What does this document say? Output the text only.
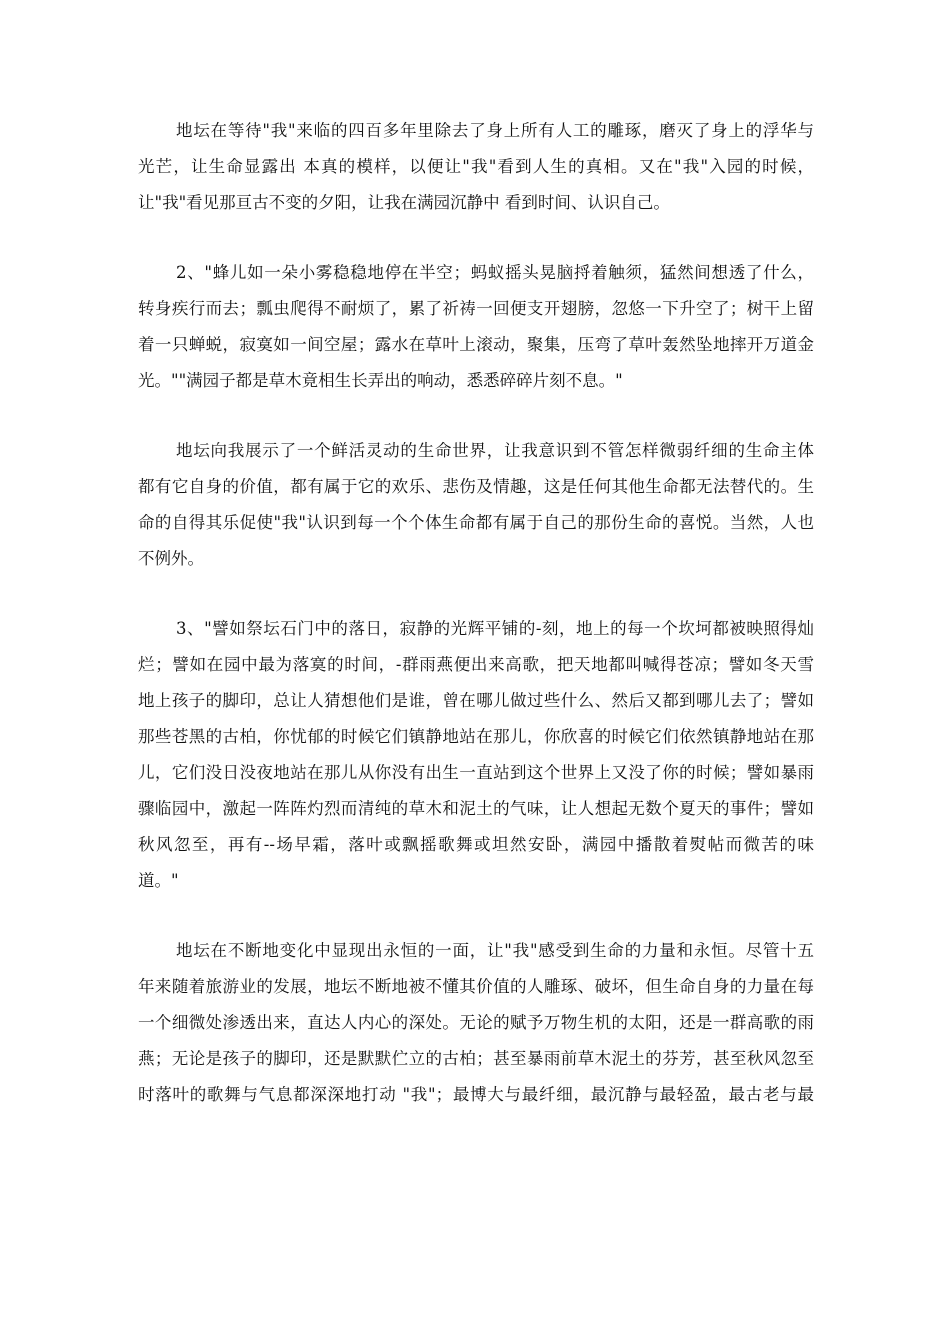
地坛在等待"我"来临的四百多年里除去了身上所有人工的雕琢，磨灭了身上的浮华与
光芒，让生命显露出 本真的模样，以便让"我"看到人生的真相。又在"我"入园的时候，
让"我"看见那亘古不变的夕阳，让我在满园沉静中 看到时间、认识自己。

2、"蜂儿如一朵小雾稳稳地停在半空；蚂蚁摇头晃脑捋着触须，猛然间想透了什么，
转身疾行而去；瓢虫爬得不耐烦了，累了祈祷一回便支开翅膀，忽悠一下升空了；树干上留
着一只蝉蜕，寂寞如一间空屋；露水在草叶上滚动，聚集，压弯了草叶轰然坠地摔开万道金
光。""满园子都是草木竟相生长弄出的响动，悉悉碎碎片刻不息。"

地坛向我展示了一个鲜活灵动的生命世界，让我意识到不管怎样微弱纤细的生命主体
都有它自身的价值，都有属于它的欢乐、悲伤及情趣，这是任何其他生命都无法替代的。生
命的自得其乐促使"我"认识到每一个个体生命都有属于自己的那份生命的喜悦。当然，人也
不例外。

3、"譬如祭坛石门中的落日，寂静的光辉平铺的-刻，地上的每一个坎坷都被映照得灿
烂；譬如在园中最为落寞的时间，-群雨燕便出来高歌，把天地都叫喊得苍凉；譬如冬天雪
地上孩子的脚印，总让人猜想他们是谁，曾在哪儿做过些什么、然后又都到哪儿去了；譬如
那些苍黑的古柏，你忧郁的时候它们镇静地站在那儿，你欣喜的时候它们依然镇静地站在那
儿，它们没日没夜地站在那儿从你没有出生一直站到这个世界上又没了你的时候；譬如暴雨
骤临园中，激起一阵阵灼烈而清纯的草木和泥土的气味，让人想起无数个夏天的事件；譬如
秋风忽至，再有--场早霜，落叶或飘摇歌舞或坦然安卧，满园中播散着熨帖而微苦的味
道。"

地坛在不断地变化中显现出永恒的一面，让"我"感受到生命的力量和永恒。尽管十五
年来随着旅游业的发展，地坛不断地被不懂其价值的人雕琢、破坏，但生命自身的力量在每
一个细微处渗透出来，直达人内心的深处。无论的赋予万物生机的太阳，还是一群高歌的雨
燕；无论是孩子的脚印，还是默默伫立的古柏；甚至暴雨前草木泥土的芬芳，甚至秋风忽至
时落叶的歌舞与气息都深深地打动 "我"；最博大与最纤细，最沉静与最轻盈，最古老与最
